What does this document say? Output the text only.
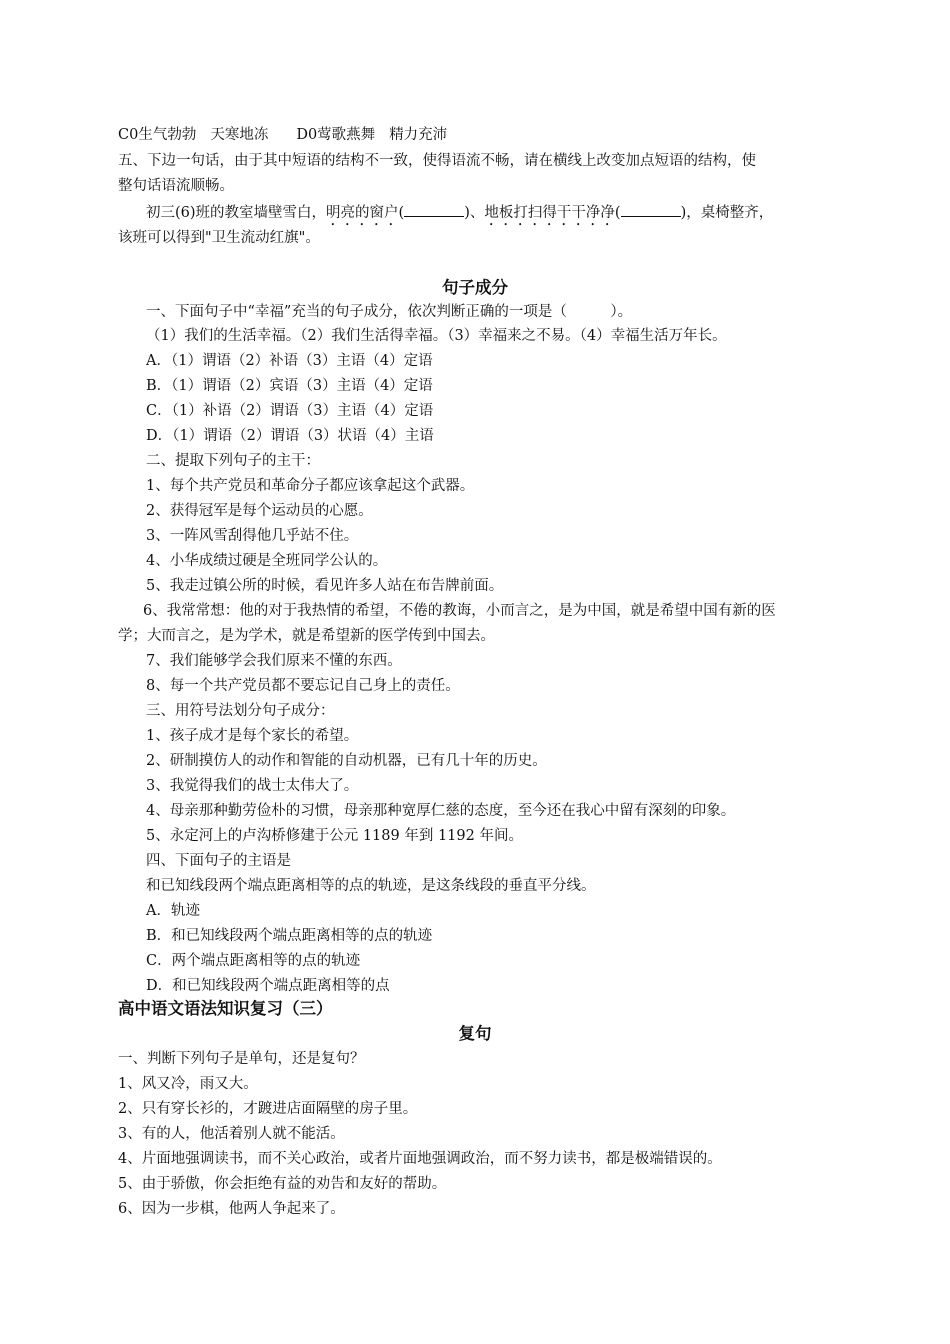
C0生气勃勃 天寒地冻 D0莺歌燕舞 精力充沛
五、下边一句话，由于其中短语的结构不一致，使得语流不畅，请在横线上改变加点短语的结构，使
整句话语流顺畅。
初三(6)班的教室墙壁雪白，明亮的窗户(	)、地板打扫得干干净净(	)，桌椅整齐，
该班可以得到"卫生流动红旗"。
句子成分
一、下面句子中“幸福”充当的句子成分，依次判断正确的一项是（　　　）。
（1）我们的生活幸福。（2）我们生活得幸福。（3）幸福来之不易。（4）幸福生活万年长。
A．（1）谓语（2）补语（3）主语（4）定语
B．（1）谓语（2）宾语（3）主语（4）定语
C．（1）补语（2）谓语（3）主语（4）定语
D．（1）谓语（2）谓语（3）状语（4）主语
二、提取下列句子的主干：
1、每个共产党员和革命分子都应该拿起这个武器。
2、获得冠军是每个运动员的心愿。
3、一阵风雪刮得他几乎站不住。
4、小华成绩过硬是全班同学公认的。
5、我走过镇公所的时候，看见许多人站在布告牌前面。
6、我常常想：他的对于我热情的希望，不倦的教诲，小而言之，是为中国，就是希望中国有新的医
学；大而言之，是为学术，就是希望新的医学传到中国去。
7、我们能够学会我们原来不懂的东西。
8、每一个共产党员都不要忘记自己身上的责任。
三、用符号法划分句子成分：
1、孩子成才是每个家长的希望。
2、研制摸仿人的动作和智能的自动机器，已有几十年的历史。
3、我觉得我们的战士太伟大了。
4、母亲那种勤劳俭朴的习惯，母亲那种宽厚仁慈的态度，至今还在我心中留有深刻的印象。
5、永定河上的卢沟桥修建于公元 1189 年到 1192 年间。
四、下面句子的主语是
和已知线段两个端点距离相等的点的轨迹，是这条线段的垂直平分线。
A．轨迹
B．和已知线段两个端点距离相等的点的轨迹
C．两个端点距离相等的点的轨迹
D．和已知线段两个端点距离相等的点
高中语文语法知识复习（三）
复句
一、判断下列句子是单句，还是复句？
1、风又冷，雨又大。
2、只有穿长衫的，才踱进店面隔壁的房子里。
3、有的人，他活着别人就不能活。
4、片面地强调读书，而不关心政治，或者片面地强调政治，而不努力读书，都是极端错误的。
5、由于骄傲，你会拒绝有益的劝告和友好的帮助。
6、因为一步棋，他两人争起来了。
